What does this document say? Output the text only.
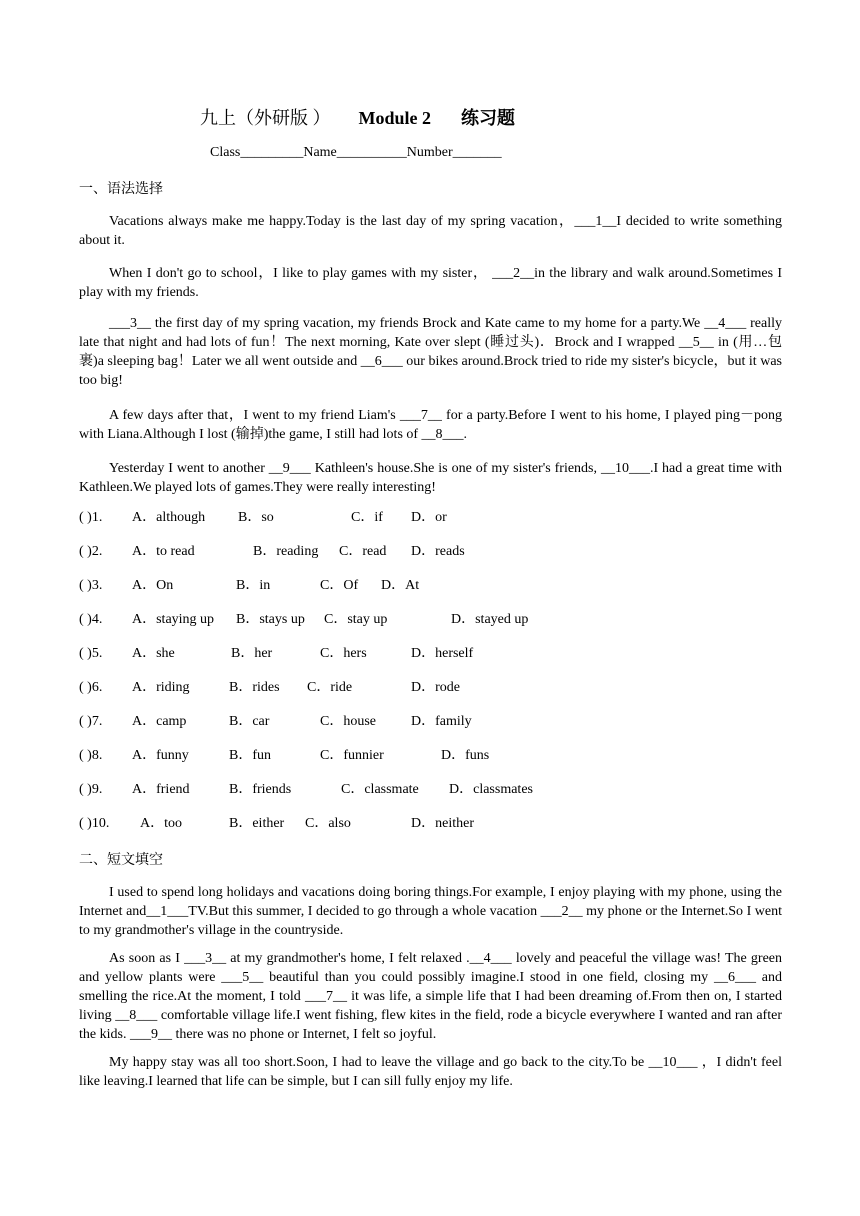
九上（外研版 ） Module 2 练习题
Class_________Name__________Number_______
一、语法选择

Vacations always make me happy.Today is the last day of my spring vacation，___1__I decided to write something about it.

When I don't go to school，I like to play games with my sister， ___2__in the library and walk around.Sometimes I play with my friends.

___3__ the first day of my spring vacation, my friends Brock and Kate came to my home for a party.We __4___ really late that night and had lots of fun！The next morning, Kate over slept (睡过头)．Brock and I wrapped __5__ in (用…包裹)a sleeping bag！Later we all went outside and __6___ our bikes around.Brock tried to ride my sister's bicycle，but it was too big!

A few days after that，I went to my friend Liam's ___7__ for a party.Before I went to his home, I played ping－pong with Liana.Although I lost (输掉)the game, I still had lots of __8___.

Yesterday I went to another __9___ Kathleen's house.She is one of my sister's friends, __10___.I had a great time with Kathleen.We played lots of games.They were really interesting!

( )1. A．although B．so	C．if D．or
( )2. A．to read	B．reading C．read D．reads
( )3. A．On	B．in	C．Of D．At
( )4. A．staying up B．stays up C．stay up	D．stayed up
( )5. A．she	B．her	C．hers	D．herself
( )6. A．riding	B．rides C．ride	D．rode
( )7. A．camp	B．car	C．house	D．family
( )8. A．funny	B．fun	C．funnier	D．funs
( )9. A．friend	B．friends	C．classmate D．classmates
( )10. A．too	B．either C．also	D．neither
二、短文填空

I used to spend long holidays and vacations doing boring things.For example, I enjoy playing with my phone, using the Internet and__1___TV.But this summer, I decided to go through a whole vacation ___2__ my phone or the Internet.So I went to my grandmother's village in the countryside.

As soon as I ___3__ at my grandmother's home, I felt relaxed .__4___ lovely and peaceful the village was! The green and yellow plants were ___5__ beautiful than you could possibly imagine.I stood in one field, closing my __6___ and smelling the rice.At the moment, I told ___7__ it was life, a simple life that I had been dreaming of.From then on, I started living __8___ comfortable village life.I went fishing, flew kites in the field, rode a bicycle everywhere I wanted and ran after the kids. ___9__ there was no phone or Internet, I felt so joyful.

My happy stay was all too short.Soon, I had to leave the village and go back to the city.To be __10___ ，I didn't feel like leaving.I learned that life can be simple, but I can sill fully enjoy my life.
